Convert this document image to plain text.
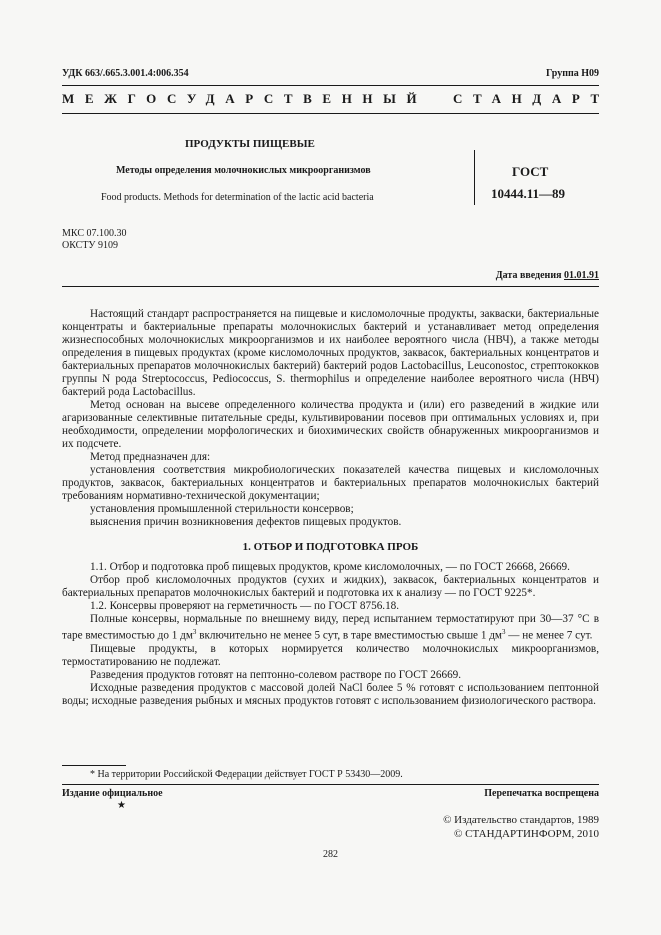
УДК 663/.665.3.001.4:006.354	Группа Н09
МЕЖГОСУДАРСТВЕННЫЙ СТАНДАРТ
ПРОДУКТЫ ПИЩЕВЫЕ
Методы определения молочнокислых микроорганизмов
Food products. Methods for determination of the lactic acid bacteria
ГОСТ
10444.11—89
МКС 07.100.30
ОКСТУ 9109
Дата введения 01.01.91

Настоящий стандарт распространяется на пищевые и кисломолочные продукты, закваски, бактериальные концентраты и бактериальные препараты молочнокислых бактерий и устанавливает метод определения жизнеспособных молочнокислых микроорганизмов и их наиболее вероятного числа (НВЧ), а также методы определения в пищевых продуктах (кроме кисломолочных продуктов, заквасок, бактериальных концентратов и бактериальных препаратов молочнокислых бактерий) бактерий родов Lactobacillus, Leuconostoc, стрептококков группы N рода Streptococcus, Pediococcus, S. thermophilus и определение наиболее вероятного числа (НВЧ) бактерий рода Lactobacillus.

Метод основан на высеве определенного количества продукта и (или) его разведений в жидкие или агаризованные селективные питательные среды, культивировании посевов при оптимальных условиях и, при необходимости, определении морфологических и биохимических свойств обнаруженных микроорганизмов и их подсчете.

Метод предназначен для:

установления соответствия микробиологических показателей качества пищевых и кисломолочных продуктов, заквасок, бактериальных концентратов и бактериальных препаратов молочнокислых бактерий требованиям нормативно-технической документации;

установления промышленной стерильности консервов;

выяснения причин возникновения дефектов пищевых продуктов.

1. ОТБОР И ПОДГОТОВКА ПРОБ

1.1. Отбор и подготовка проб пищевых продуктов, кроме кисломолочных, — по ГОСТ 26668, 26669.

Отбор проб кисломолочных продуктов (сухих и жидких), заквасок, бактериальных концентратов и бактериальных препаратов молочнокислых бактерий и подготовка их к анализу — по ГОСТ 9225*.

1.2. Консервы проверяют на герметичность — по ГОСТ 8756.18.

Полные консервы, нормальные по внешнему виду, перед испытанием термостатируют при 30—37 °С в таре вместимостью до 1 $дм^3$ включительно не менее 5 сут, в таре вместимостью свыше 1 $дм^3$ — не менее 7 сут.

Пищевые продукты, в которых нормируется количество молочнокислых микроорганизмов, термостатированию не подлежат.

Разведения продуктов готовят на пептонно-солевом растворе по ГОСТ 26669.

Исходные разведения продуктов с массовой долей NaCl более 5 % готовят с использованием пептонной воды; исходные разведения рыбных и мясных продуктов готовят с использованием физиологического раствора.

* На территории Российской Федерации действует ГОСТ Р 53430—2009.
Издание официальное
★
Перепечатка воспрещена
© Издательство стандартов, 1989
© СТАНДАРТИНФОРМ, 2010
282
